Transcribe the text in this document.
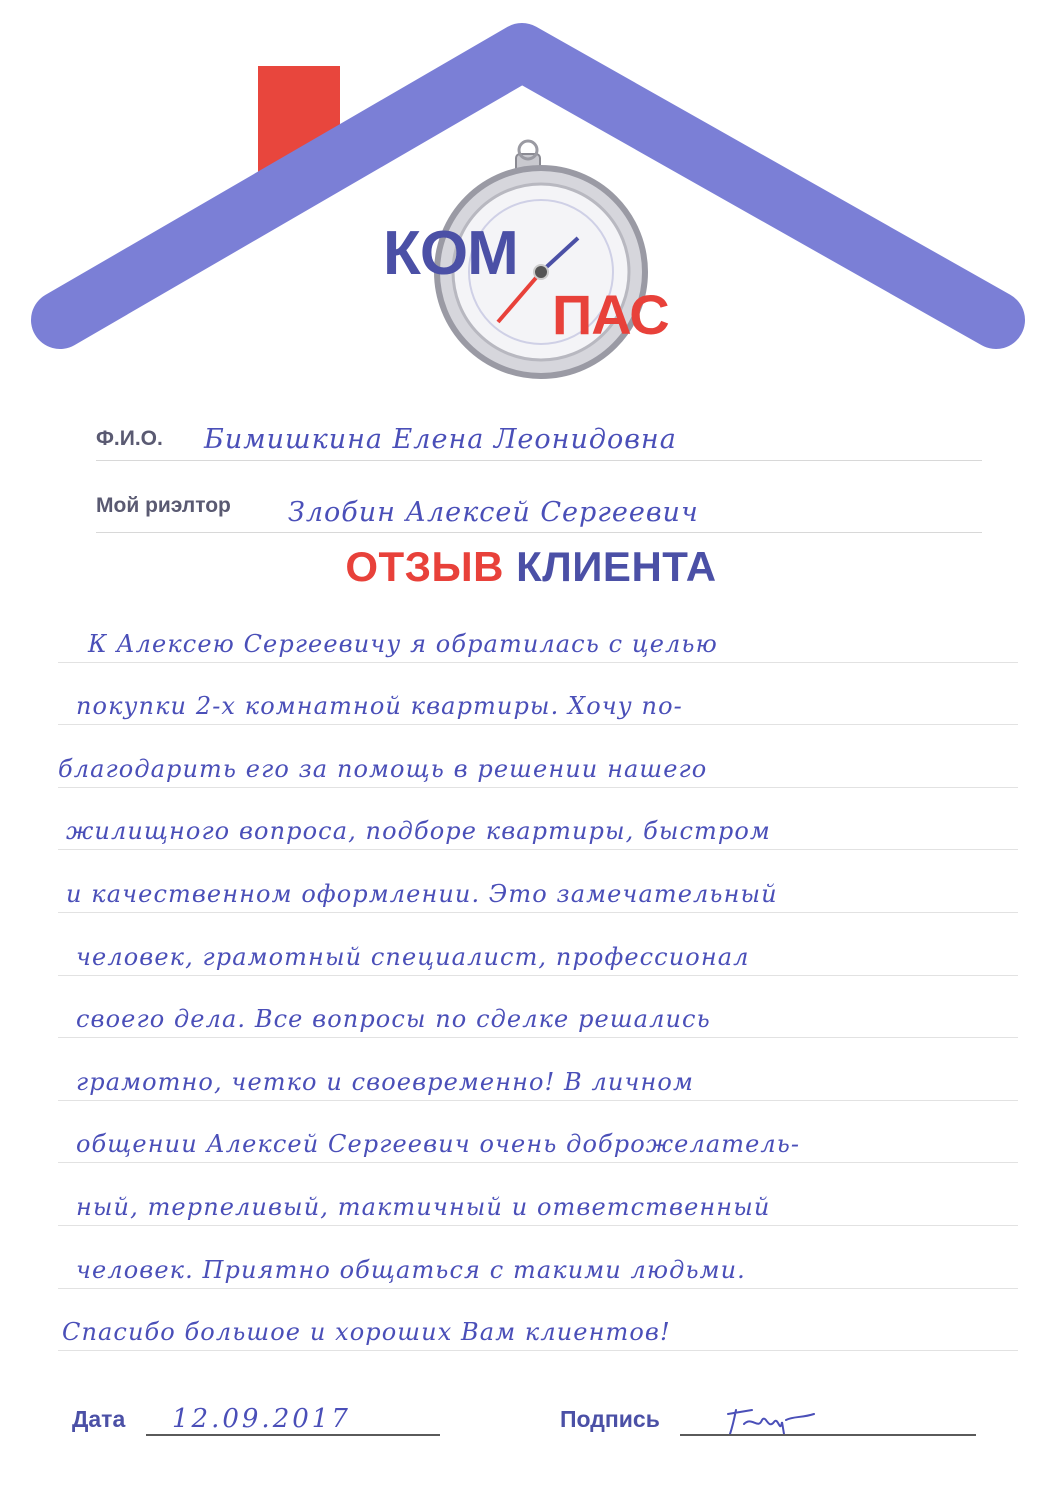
КОМ
ПАС
Ф.И.О. Бимишкина Елена Леонидовна
Мой риэлтор Злобин Алексей Сергеевич
ОТЗЫВ КЛИЕНТА
К Алексею Сергеевичу я обратилась с целью
покупки 2-х комнатной квартиры. Хочу по-
благодарить его за помощь в решении нашего
жилищного вопроса, подборе квартиры, быстром
и качественном оформлении. Это замечательный
человек, грамотный специалист, профессионал
своего дела. Все вопросы по сделке решались
грамотно, четко и своевременно! В личном
общении Алексей Сергеевич очень доброжелатель-
ный, терпеливый, тактичный и ответственный
человек. Приятно общаться с такими людьми.
Спасибо большое и хороших Вам клиентов!
Дата 12.09.2017	Подпись
